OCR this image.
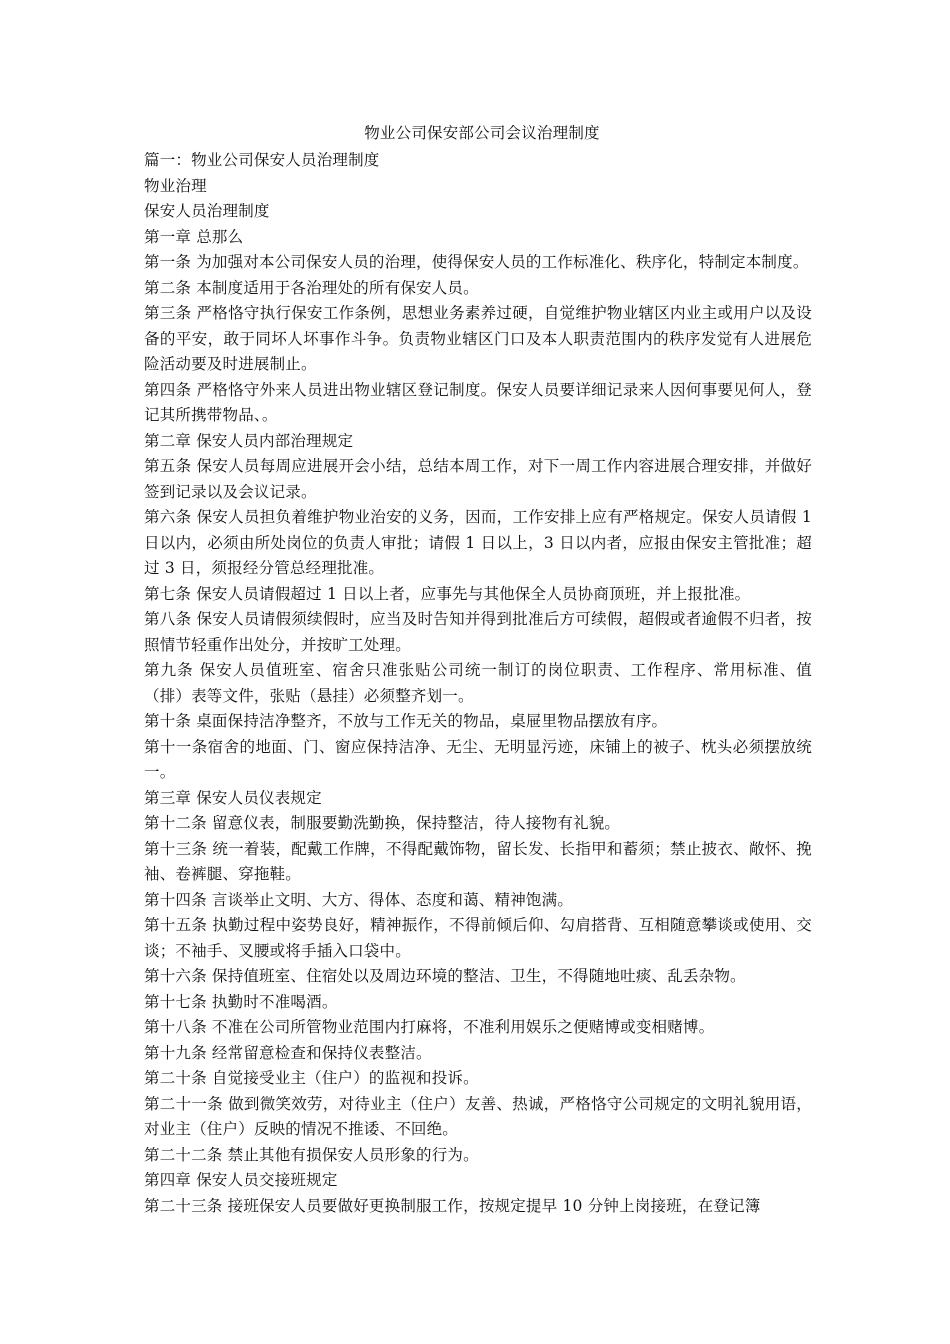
物业公司保安部公司会议治理制度

篇一：物业公司保安人员治理制度

物业治理

保安人员治理制度

第一章 总那么

第一条 为加强对本公司保安人员的治理，使得保安人员的工作标准化、秩序化，特制定本制度。

第二条 本制度适用于各治理处的所有保安人员。

第三条 严格恪守执行保安工作条例，思想业务素养过硬，自觉维护物业辖区内业主或用户以及设备的平安，敢于同坏人坏事作斗争。负责物业辖区门口及本人职责范围内的秩序发觉有人进展危险活动要及时进展制止。

第四条 严格恪守外来人员进出物业辖区登记制度。保安人员要详细记录来人因何事要见何人，登记其所携带物品、。

第二章 保安人员内部治理规定

第五条 保安人员每周应进展开会小结，总结本周工作，对下一周工作内容进展合理安排，并做好签到记录以及会议记录。

第六条 保安人员担负着维护物业治安的义务，因而，工作安排上应有严格规定。保安人员请假 1 日以内，必须由所处岗位的负责人审批；请假 1 日以上，3 日以内者，应报由保安主管批准；超过 3 日，须报经分管总经理批准。

第七条 保安人员请假超过 1 日以上者，应事先与其他保全人员协商顶班，并上报批准。

第八条 保安人员请假须续假时，应当及时告知并得到批准后方可续假，超假或者逾假不归者，按照情节轻重作出处分，并按旷工处理。

第九条 保安人员值班室、宿舍只准张贴公司统一制订的岗位职责、工作程序、常用标准、值（排）表等文件，张贴（悬挂）必须整齐划一。

第十条 桌面保持洁净整齐，不放与工作无关的物品，桌屉里物品摆放有序。

第十一条宿舍的地面、门、窗应保持洁净、无尘、无明显污迹，床铺上的被子、枕头必须摆放统一。

第三章 保安人员仪表规定

第十二条 留意仪表，制服要勤洗勤换，保持整洁，待人接物有礼貌。

第十三条 统一着装，配戴工作牌，不得配戴饰物，留长发、长指甲和蓄须；禁止披衣、敞怀、挽袖、卷裤腿、穿拖鞋。

第十四条 言谈举止文明、大方、得体、态度和蔼、精神饱满。

第十五条 执勤过程中姿势良好，精神振作，不得前倾后仰、勾肩搭背、互相随意攀谈或使用、交谈；不袖手、叉腰或将手插入口袋中。

第十六条 保持值班室、住宿处以及周边环境的整洁、卫生，不得随地吐痰、乱丢杂物。

第十七条 执勤时不准喝酒。

第十八条 不准在公司所管物业范围内打麻将，不准利用娱乐之便赌博或变相赌博。

第十九条 经常留意检查和保持仪表整洁。

第二十条 自觉接受业主（住户）的监视和投诉。

第二十一条 做到微笑效劳，对待业主（住户）友善、热诚，严格恪守公司规定的文明礼貌用语，对业主（住户）反映的情况不推诿、不回绝。

第二十二条 禁止其他有损保安人员形象的行为。

第四章 保安人员交接班规定

第二十三条 接班保安人员要做好更换制服工作，按规定提早 10 分钟上岗接班，在登记簿
